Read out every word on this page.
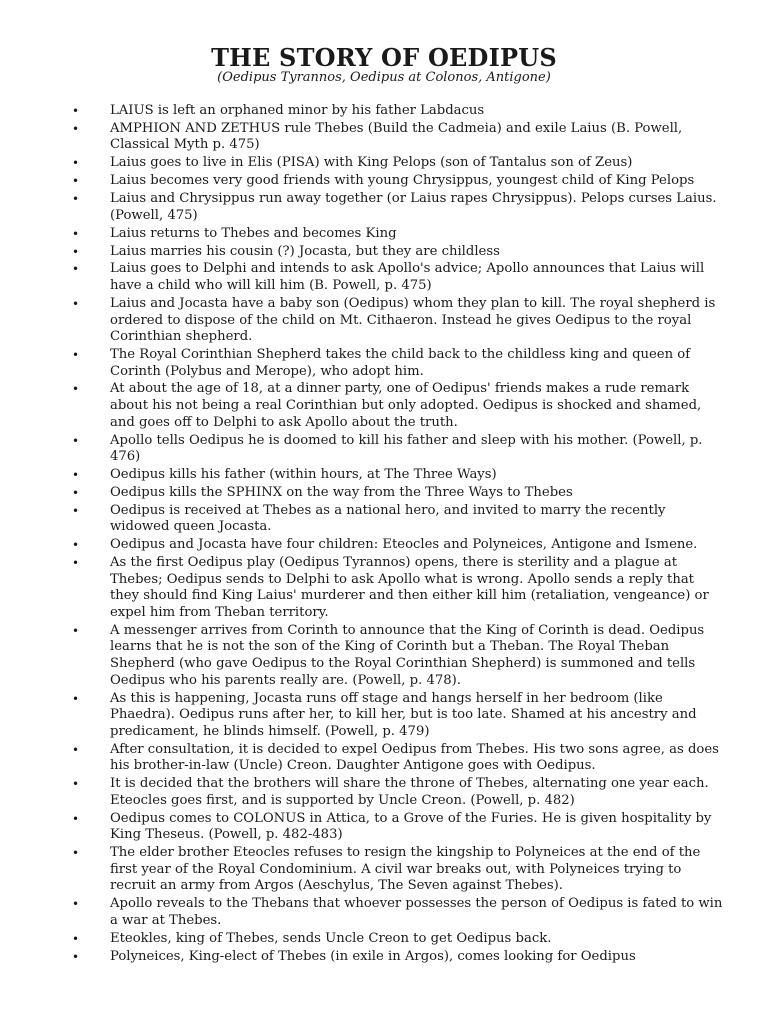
THE STORY OF OEDIPUS

(Oedipus Tyrannos, Oedipus at Colonos, Antigone)

• LAIUS is left an orphaned minor by his father Labdacus
• AMPHION AND ZETHUS rule Thebes (Build the Cadmeia) and exile Laius (B. Powell, Classical Myth p. 475)
• Laius goes to live in Elis (PISA) with King Pelops (son of Tantalus son of Zeus)
• Laius becomes very good friends with young Chrysippus, youngest child of King Pelops
• Laius and Chrysippus run away together (or Laius rapes Chrysippus). Pelops curses Laius. (Powell, 475)
• Laius returns to Thebes and becomes King
• Laius marries his cousin (?) Jocasta, but they are childless
• Laius goes to Delphi and intends to ask Apollo's advice; Apollo announces that Laius will have a child who will kill him (B. Powell, p. 475)
• Laius and Jocasta have a baby son (Oedipus) whom they plan to kill. The royal shepherd is ordered to dispose of the child on Mt. Cithaeron. Instead he gives Oedipus to the royal Corinthian shepherd.
• The Royal Corinthian Shepherd takes the child back to the childless king and queen of Corinth (Polybus and Merope), who adopt him.
• At about the age of 18, at a dinner party, one of Oedipus' friends makes a rude remark about his not being a real Corinthian but only adopted. Oedipus is shocked and shamed, and goes off to Delphi to ask Apollo about the truth.
• Apollo tells Oedipus he is doomed to kill his father and sleep with his mother. (Powell, p. 476)
• Oedipus kills his father (within hours, at The Three Ways)
• Oedipus kills the SPHINX on the way from the Three Ways to Thebes
• Oedipus is received at Thebes as a national hero, and invited to marry the recently widowed queen Jocasta.
• Oedipus and Jocasta have four children: Eteocles and Polyneices, Antigone and Ismene.
• As the first Oedipus play (Oedipus Tyrannos) opens, there is sterility and a plague at Thebes; Oedipus sends to Delphi to ask Apollo what is wrong. Apollo sends a reply that they should find King Laius' murderer and then either kill him (retaliation, vengeance) or expel him from Theban territory.
• A messenger arrives from Corinth to announce that the King of Corinth is dead. Oedipus learns that he is not the son of the King of Corinth but a Theban. The Royal Theban Shepherd (who gave Oedipus to the Royal Corinthian Shepherd) is summoned and tells Oedipus who his parents really are. (Powell, p. 478).
• As this is happening, Jocasta runs off stage and hangs herself in her bedroom (like Phaedra). Oedipus runs after her, to kill her, but is too late. Shamed at his ancestry and predicament, he blinds himself. (Powell, p. 479)
• After consultation, it is decided to expel Oedipus from Thebes. His two sons agree, as does his brother-in-law (Uncle) Creon. Daughter Antigone goes with Oedipus.
• It is decided that the brothers will share the throne of Thebes, alternating one year each. Eteocles goes first, and is supported by Uncle Creon. (Powell, p. 482)
• Oedipus comes to COLONUS in Attica, to a Grove of the Furies. He is given hospitality by King Theseus. (Powell, p. 482-483)
• The elder brother Eteocles refuses to resign the kingship to Polyneices at the end of the first year of the Royal Condominium. A civil war breaks out, with Polyneices trying to recruit an army from Argos (Aeschylus, The Seven against Thebes).
• Apollo reveals to the Thebans that whoever possesses the person of Oedipus is fated to win a war at Thebes.
• Eteokles, king of Thebes, sends Uncle Creon to get Oedipus back.
• Polyneices, King-elect of Thebes (in exile in Argos), comes looking for Oedipus
